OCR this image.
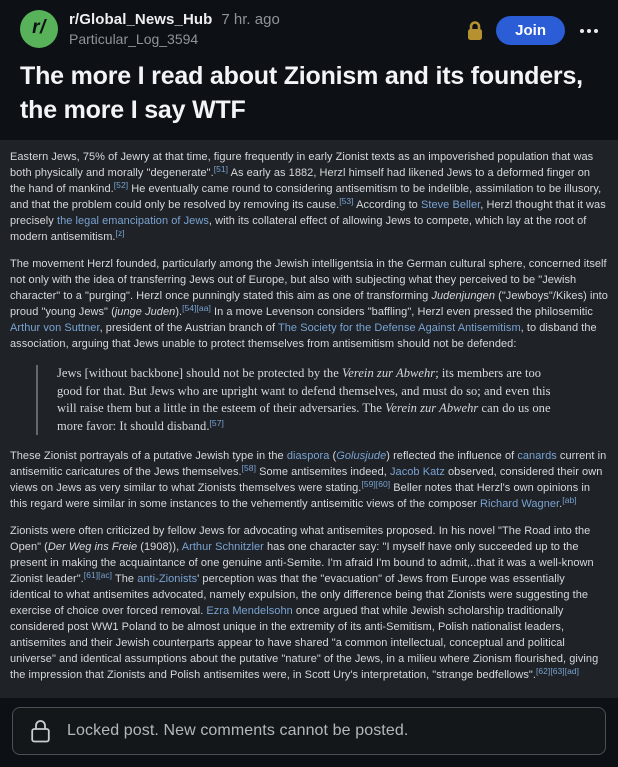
r/ r/Global_News_Hub 7 hr. ago
Particular_Log_3594	Join
The more I read about Zionism and its founders, the more I say WTF

Eastern Jews, 75% of Jewry at that time, figure frequently in early Zionist texts as an impoverished population that was both physically and morally "degenerate".[51] As early as 1882, Herzl himself had likened Jews to a deformed finger on the hand of mankind.[52] He eventually came round to considering antisemitism to be indelible, assimilation to be illusory, and that the problem could only be resolved by removing its cause.[53] According to Steve Beller, Herzl thought that it was precisely the legal emancipation of Jews, with its collateral effect of allowing Jews to compete, which lay at the root of modern antisemitism.[z]

The movement Herzl founded, particularly among the Jewish intelligentsia in the German cultural sphere, concerned itself not only with the idea of transferring Jews out of Europe, but also with subjecting what they perceived to be "Jewish character" to a "purging". Herzl once punningly stated this aim as one of transforming Judenjungen ("Jewboys"/Kikes) into proud "young Jews" (junge Juden).[54][aa] In a move Levenson considers "baffling", Herzl even pressed the philosemitic Arthur von Suttner, president of the Austrian branch of The Society for the Defense Against Antisemitism, to disband the association, arguing that Jews unable to protect themselves from antisemitism should not be defended:

Jews [without backbone] should not be protected by the Verein zur Abwehr; its members are too good for that. But Jews who are upright want to defend themselves, and must do so; and even this will raise them but a little in the esteem of their adversaries. The Verein zur Abwehr can do us one more favor: It should disband.[57]

These Zionist portrayals of a putative Jewish type in the diaspora (Golusjude) reflected the influence of canards current in antisemitic caricatures of the Jews themselves.[58] Some antisemites indeed, Jacob Katz observed, considered their own views on Jews as very similar to what Zionists themselves were stating.[59][60] Beller notes that Herzl's own opinions in this regard were similar in some instances to the vehemently antisemitic views of the composer Richard Wagner.[ab]

Zionists were often criticized by fellow Jews for advocating what antisemites proposed. In his novel "The Road into the Open" (Der Weg ins Freie (1908)), Arthur Schnitzler has one character say: "I myself have only succeeded up to the present in making the acquaintance of one genuine anti-Semite. I'm afraid I'm bound to admit,..that it was a well-known Zionist leader".[61][ac] The anti-Zionists' perception was that the "evacuation" of Jews from Europe was essentially identical to what antisemites advocated, namely expulsion, the only difference being that Zionists were suggesting the exercise of choice over forced removal. Ezra Mendelsohn once argued that while Jewish scholarship traditionally considered post WW1 Poland to be almost unique in the extremity of its anti-Semitism, Polish nationalist leaders, antisemites and their Jewish counterparts appear to have shared "a common intellectual, conceptual and political universe" and identical assumptions about the putative "nature" of the Jews, in a milieu where Zionism flourished, giving the impression that Zionists and Polish antisemites were, in Scott Ury's interpretation, "strange bedfellows".[62][63][ad]

Locked post. New comments cannot be posted.
